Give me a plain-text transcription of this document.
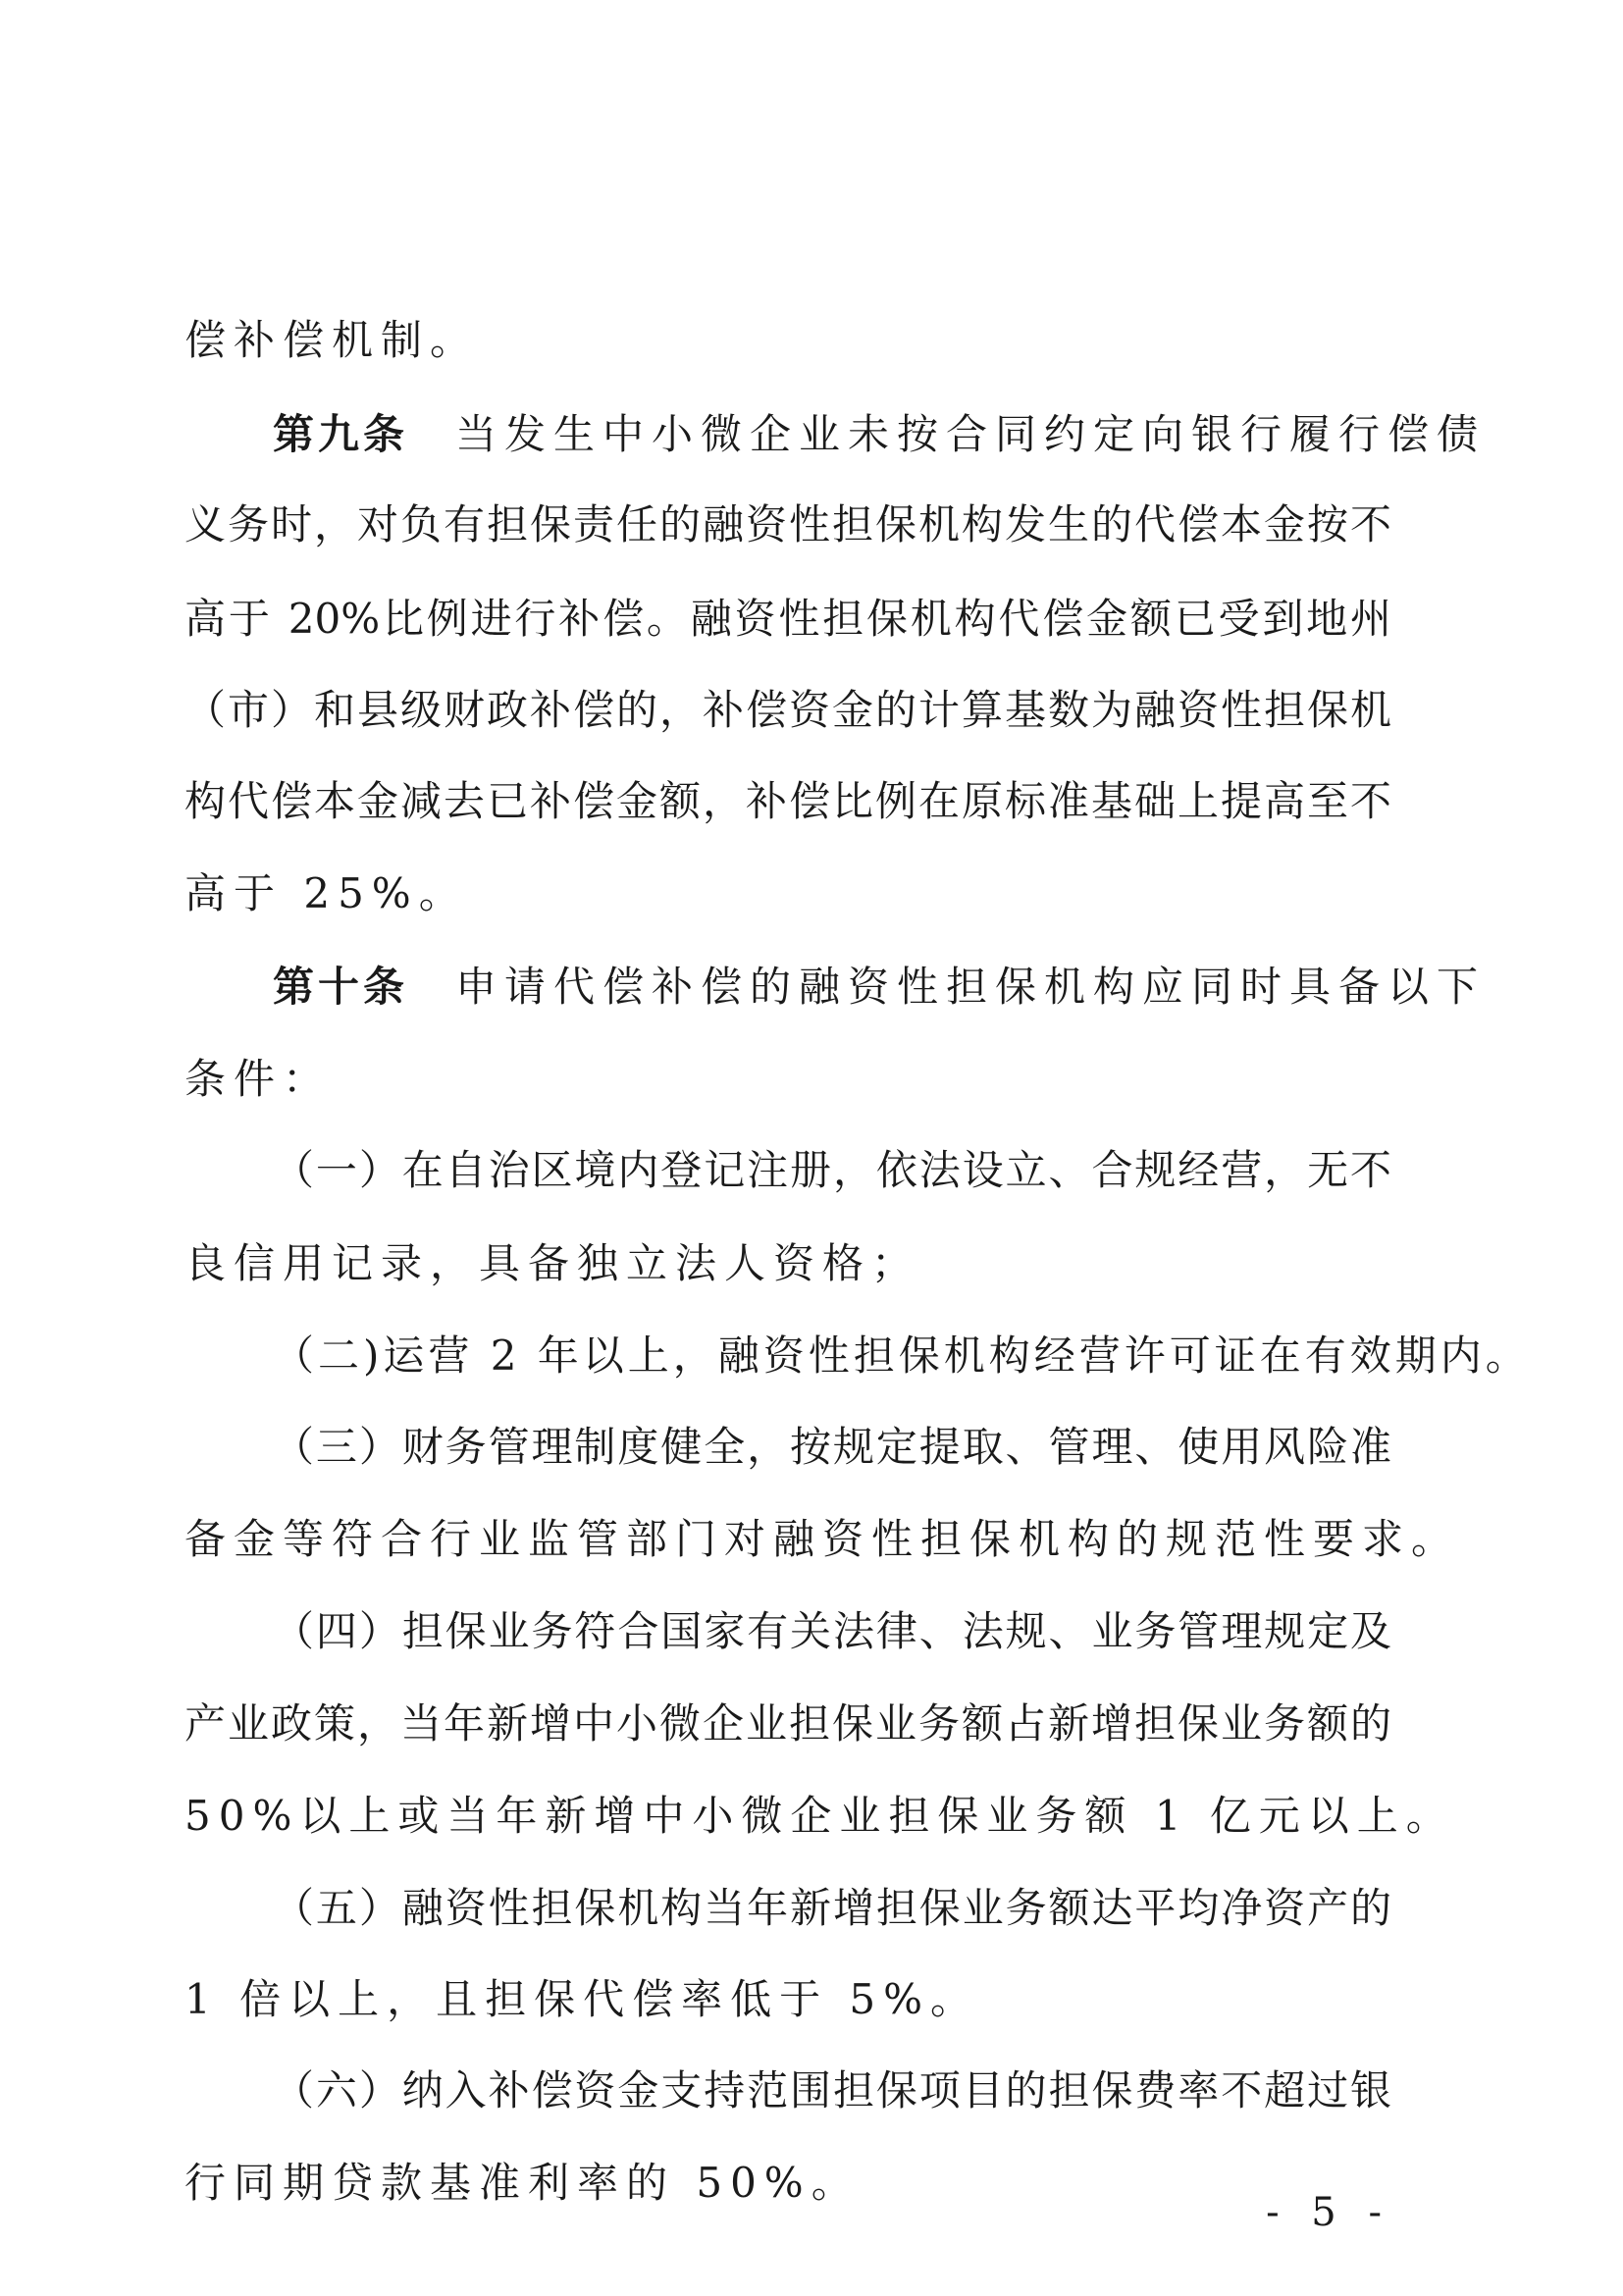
偿补偿机制。
第九条 当发生中小微企业未按合同约定向银行履行偿债
义务时，对负有担保责任的融资性担保机构发生的代偿本金按不
高于 20%比例进行补偿。融资性担保机构代偿金额已受到地州
（市）和县级财政补偿的，补偿资金的计算基数为融资性担保机
构代偿本金减去已补偿金额，补偿比例在原标准基础上提高至不
高于 25%。
第十条 申请代偿补偿的融资性担保机构应同时具备以下
条件：
（一）在自治区境内登记注册，依法设立、合规经营，无不
良信用记录，具备独立法人资格；
（二)运营 2 年以上，融资性担保机构经营许可证在有效期内。
（三）财务管理制度健全，按规定提取、管理、使用风险准
备金等符合行业监管部门对融资性担保机构的规范性要求。
（四）担保业务符合国家有关法律、法规、业务管理规定及
产业政策，当年新增中小微企业担保业务额占新增担保业务额的
50%以上或当年新增中小微企业担保业务额 1 亿元以上。
（五）融资性担保机构当年新增担保业务额达平均净资产的
1 倍以上，且担保代偿率低于 5%。
（六）纳入补偿资金支持范围担保项目的担保费率不超过银
行同期贷款基准利率的 50%。
- 5 -
